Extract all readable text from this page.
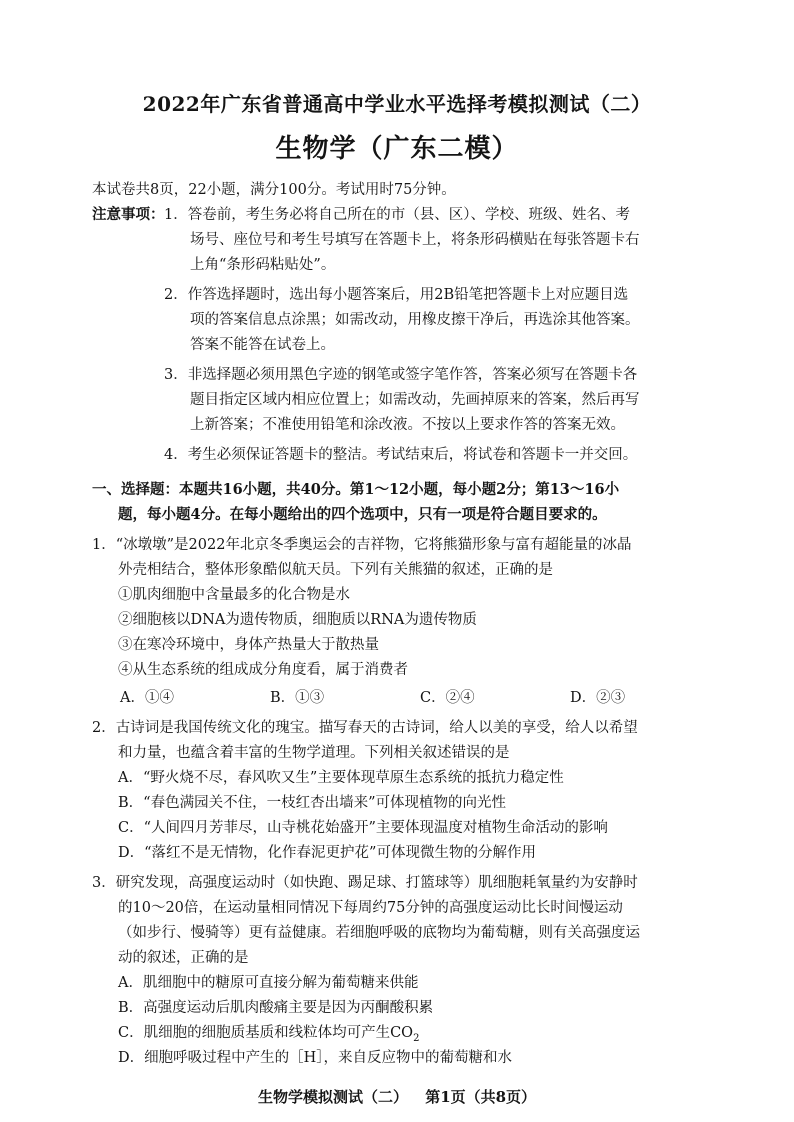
2022年广东省普通高中学业水平选择考模拟测试（二）
生物学（广东二模）
本试卷共8页，22小题，满分100分。考试用时75分钟。
注意事项： 1．答卷前，考生务必将自己所在的市（县、区）、学校、班级、姓名、考
场号、座位号和考生号填写在答题卡上，将条形码横贴在每张答题卡右
上角“条形码粘贴处”。
2．作答选择题时，选出每小题答案后，用2B铅笔把答题卡上对应题目选
项的答案信息点涂黑；如需改动，用橡皮擦干净后，再选涂其他答案。
答案不能答在试卷上。
3．非选择题必须用黑色字迹的钢笔或签字笔作答，答案必须写在答题卡各
题目指定区域内相应位置上；如需改动，先画掉原来的答案，然后再写
上新答案；不准使用铅笔和涂改液。不按以上要求作答的答案无效。
4．考生必须保证答题卡的整洁。考试结束后，将试卷和答题卡一并交回。
一、选择题：本题共16小题，共40分。第1～12小题，每小题2分；第13～16小
题，每小题4分。在每小题给出的四个选项中，只有一项是符合题目要求的。
1．“冰墩墩”是2022年北京冬季奥运会的吉祥物，它将熊猫形象与富有超能量的冰晶
外壳相结合，整体形象酷似航天员。下列有关熊猫的叙述，正确的是
①肌肉细胞中含量最多的化合物是水
②细胞核以DNA为遗传物质，细胞质以RNA为遗传物质
③在寒冷环境中，身体产热量大于散热量
④从生态系统的组成成分角度看，属于消费者
A．①④	B．①③	C．②④	D．②③
2．古诗词是我国传统文化的瑰宝。描写春天的古诗词，给人以美的享受，给人以希望
和力量，也蕴含着丰富的生物学道理。下列相关叙述错误的是
A．“野火烧不尽，春风吹又生”主要体现草原生态系统的抵抗力稳定性
B．“春色满园关不住，一枝红杏出墙来”可体现植物的向光性
C．“人间四月芳菲尽，山寺桃花始盛开”主要体现温度对植物生命活动的影响
D．“落红不是无情物，化作春泥更护花”可体现微生物的分解作用
3．研究发现，高强度运动时（如快跑、踢足球、打篮球等）肌细胞耗氧量约为安静时
的10～20倍，在运动量相同情况下每周约75分钟的高强度运动比长时间慢运动
（如步行、慢骑等）更有益健康。若细胞呼吸的底物均为葡萄糖，则有关高强度运
动的叙述，正确的是
A．肌细胞中的糖原可直接分解为葡萄糖来供能
B．高强度运动后肌肉酸痛主要是因为丙酮酸积累
C．肌细胞的细胞质基质和线粒体均可产生$CO_2$
D．细胞呼吸过程中产生的［H］，来自反应物中的葡萄糖和水
生物学模拟测试（二） 第1页（共8页）
